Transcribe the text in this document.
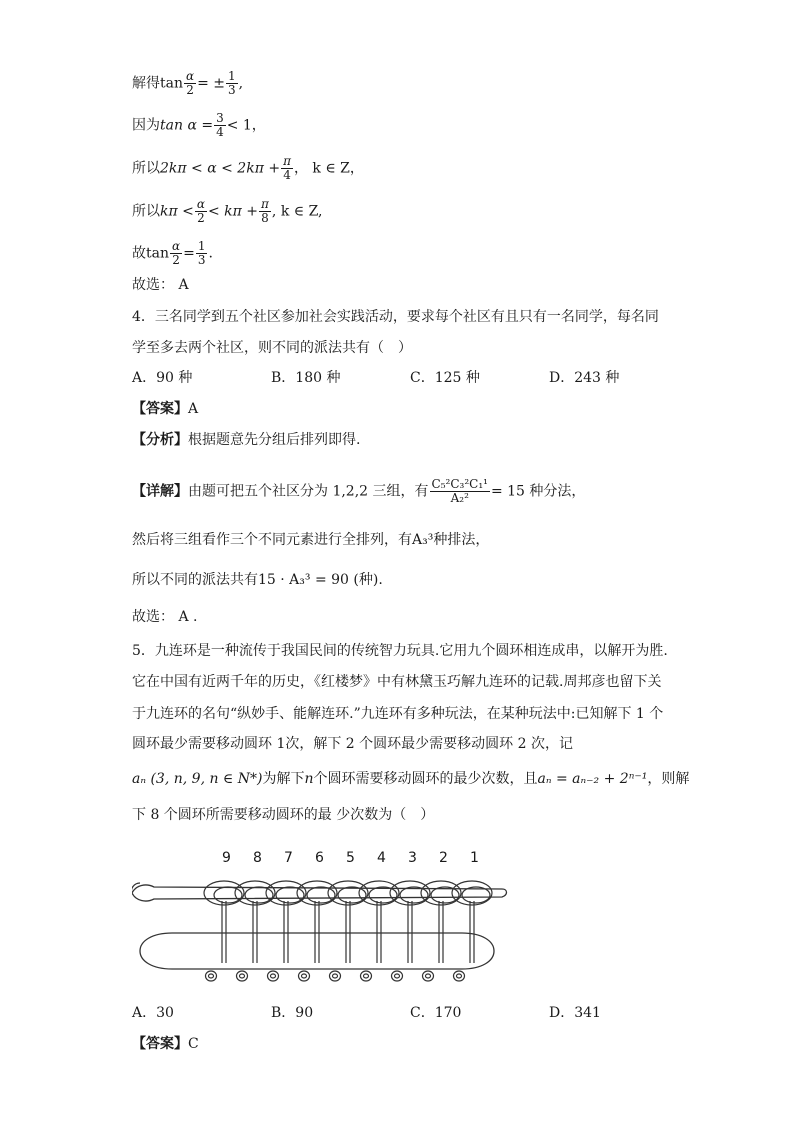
解得$\tan \frac{\alpha}{2}$ = ± $\frac{1}{3}$ ,
因为$\tan \alpha = \frac{3}{4} < 1$，
所以$2k\pi < \alpha < 2k\pi + \frac{\pi}{4}$ ， k ∈ Z，
所以$k\pi < \frac{\alpha}{2} < k\pi + \frac{\pi}{8}$ , k ∈ Z,
故$\tan \frac{\alpha}{2} = \frac{1}{3}$ .
故选： A
4．三名同学到五个社区参加社会实践活动，要求每个社区有且只有一名同学，每名同
学至多去两个社区，则不同的派法共有（　）
A．90 种	B．180 种	C．125 种	D．243 种
【答案】A
【分析】根据题意先分组后排列即得.
【详解】由题可把五个社区分为 1,2,2 三组，有 $\frac{\text{C₅²C₃²C₁¹}}{\text{A₂²}} = 15$ 种分法，
然后将三组看作三个不同元素进行全排列，有A₃³种排法，
所以不同的派法共有15 · A₃³ = 90 (种).
故选： A .
5．九连环是一种流传于我国民间的传统智力玩具.它用九个圆环相连成串，以解开为胜.
它在中国有近两千年的历史，《红楼梦》中有林黛玉巧解九连环的记载.周邦彦也留下关
于九连环的名句“纵妙手、能解连环.”九连环有多种玩法，在某种玩法中:已知解下 1 个
圆环最少需要移动圆环 1次，解下 2 个圆环最少需要移动圆环 2 次，记
aₙ (3, n, 9, n ∈ N*)为解下n个圆环需要移动圆环的最少次数，且aₙ = aₙ₋₂ + 2ⁿ⁻¹，则解
下 8 个圆环所需要移动圆环的最 少次数为（　）
9 8 7 6 5 4 3 2 1
A．30	B．90	C．170	D．341
【答案】C
